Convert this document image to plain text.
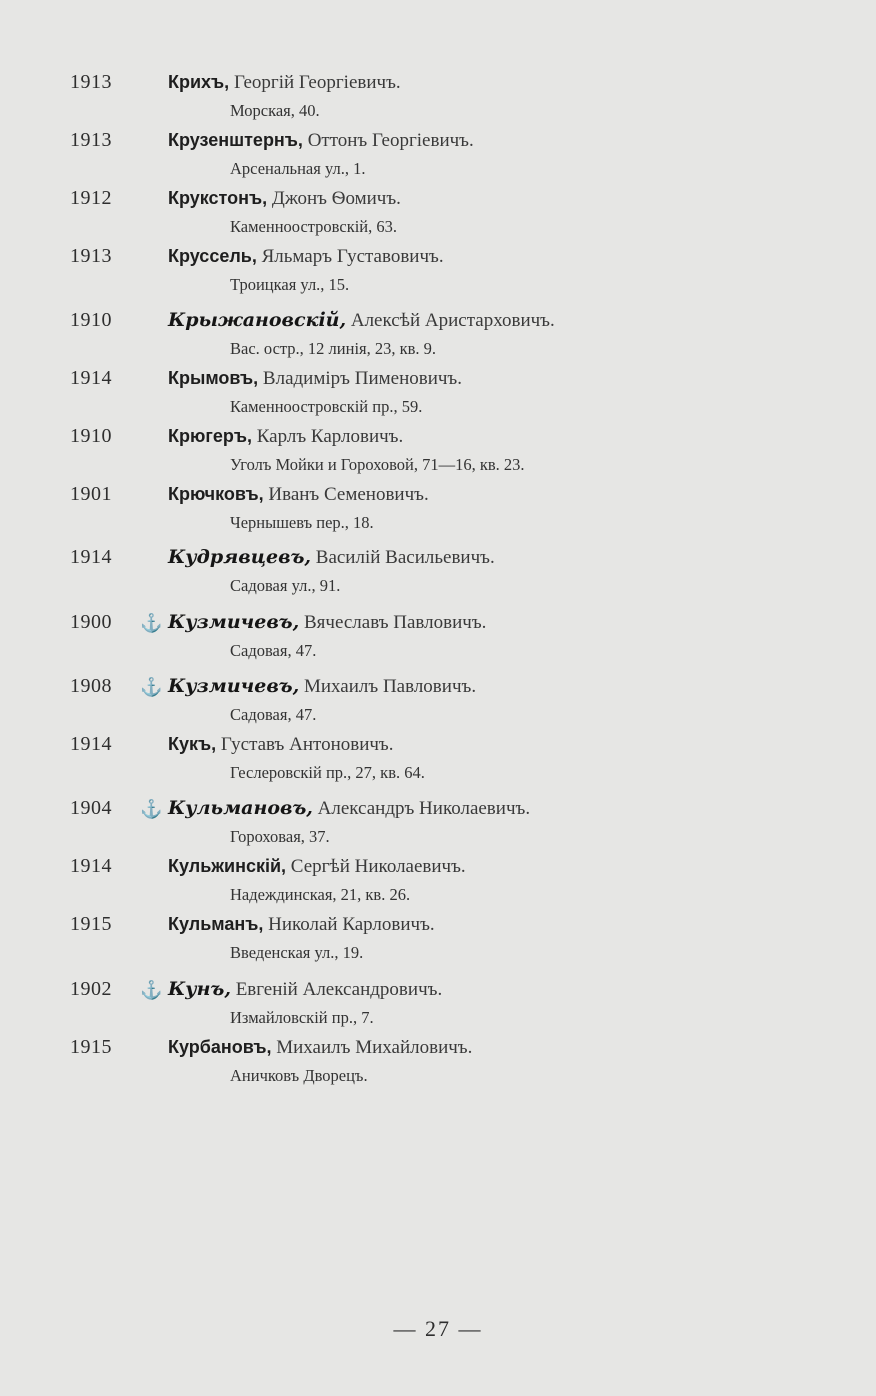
1913	Крихъ, Георгій Георгіевичъ.
Морская, 40.
1913	Крузенштернъ, Оттонъ Георгіевичъ.
Арсенальная ул., 1.
1912	Крукстонъ, Джонъ Ѳомичъ.
Каменноостровскій, 63.
1913	Круссель, Яльмаръ Густавовичъ.
Троицкая ул., 15.
1910	Крыжановскій, Алексѣй Аристарховичъ.
Вас. остр., 12 линія, 23, кв. 9.
1914	Крымовъ, Владиміръ Пименовичъ.
Каменноостровскій пр., 59.
1910	Крюгеръ, Карлъ Карловичъ.
Уголъ Мойки и Гороховой, 71—16, кв. 23.
1901	Крючковъ, Иванъ Семеновичъ.
Чернышевъ пер., 18.
1914	Кудрявцевъ, Василій Васильевичъ.
Садовая ул., 91.
1900 ⚓ Кузмичевъ, Вячеславъ Павловичъ.
Садовая, 47.
1908 ⚓ Кузмичевъ, Михаилъ Павловичъ.
Садовая, 47.
1914	Кукъ, Густавъ Антоновичъ.
Геслеровскій пр., 27, кв. 64.
1904 ⚓ Кульмановъ, Александръ Николаевичъ.
Гороховая, 37.
1914	Кульжинскій, Сергѣй Николаевичъ.
Надеждинская, 21, кв. 26.
1915	Кульманъ, Николай Карловичъ.
Введенская ул., 19.
1902 ⚓ Кунъ, Евгеній Александровичъ.
Измайловскій пр., 7.
1915	Курбановъ, Михаилъ Михайловичъ.
Аничковъ Дворецъ.
— 27 —
